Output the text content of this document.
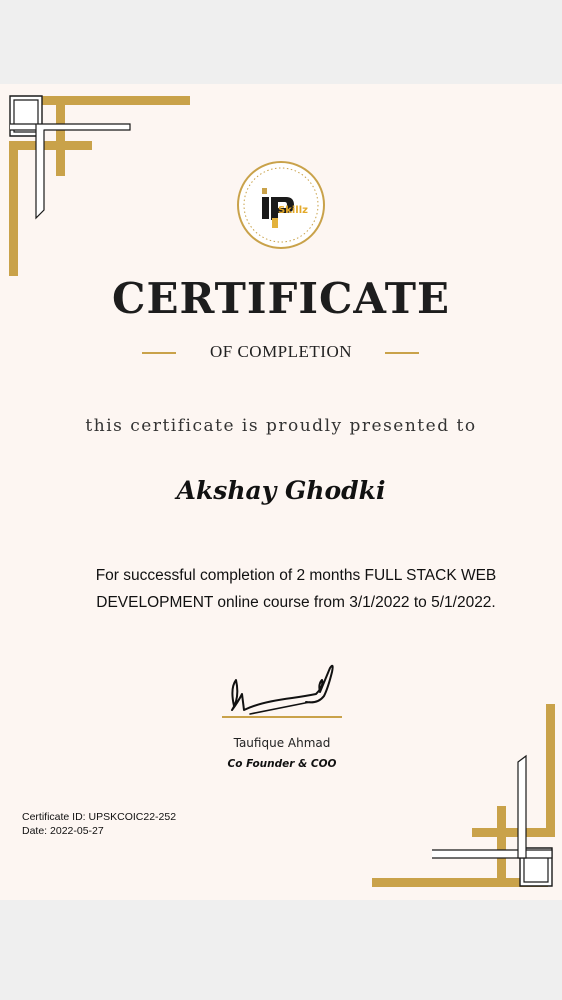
Skillz
CERTIFICATE
OF COMPLETION
this certificate is proudly presented to
Akshay Ghodki
For successful completion of 2 months FULL STACK WEB
DEVELOPMENT online course from 3/1/2022 to 5/1/2022.
Taufique Ahmad
Co Founder & COO
Certificate ID: UPSKCOIC22-252
Date: 2022-05-27
